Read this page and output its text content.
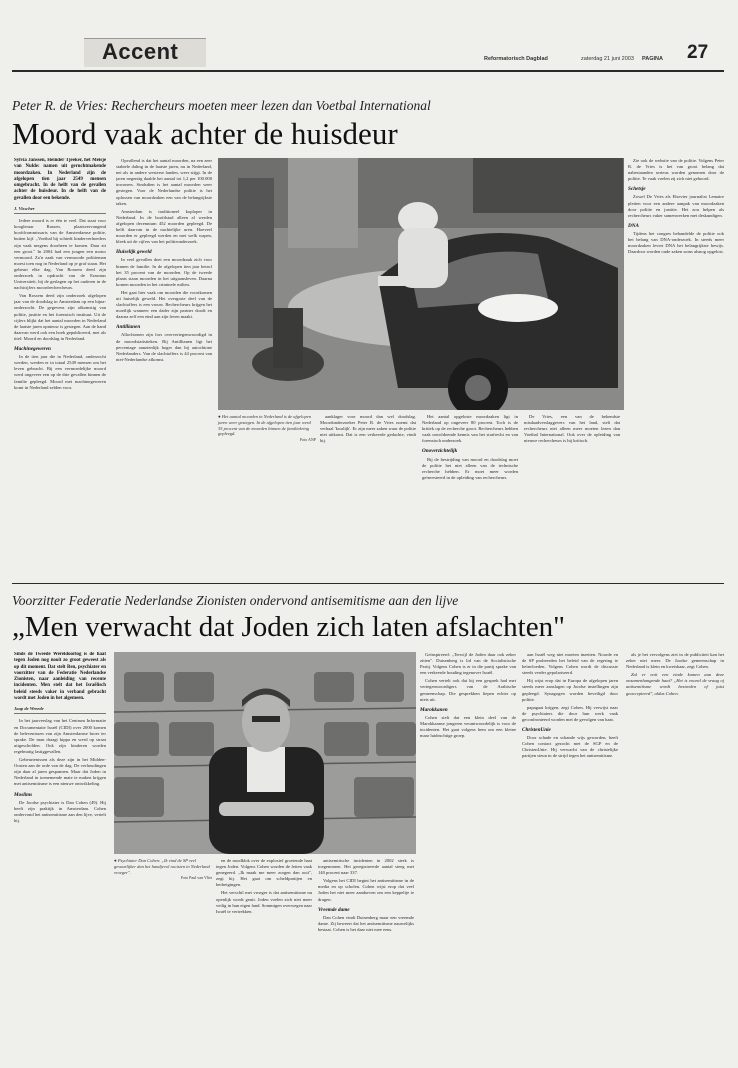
Accent	Reformatorisch Dagblad	zaterdag 21 juni 2003 PAGINA 27
Peter R. de Vries: Rechercheurs moeten meer lezen dan Voetbal International
Moord vaak achter de huisdeur

Sylvia Janssen, Heinder Tjeeker, het Meisje van Nulde: namen uit geruchtmakende moordzaken. In Nederland zijn de afgelopen tien jaar 2549 mensen omgebracht. In de helft van de gevallen achter de huisdeur. In de helft van de gevallen door een bekende.

J. Visscher

Iedere moord is er één te veel. Dat staat voor hoogleraar Rassen, plaatsvervangend hoofdcommissaris van de Amsterdamse politie, buiten kijf. „Voetbal bij schiedt kinderverhoeders zijn vaak nergens doorheen te komen. Daar zit een groot." In 2004 had een jongen een motor vermoord. Zo'n zaak van vermoorde politieman moest toen nog in Nederland op je graf staan. Het gebeurt elke dag. Van Rossem deed zijn onderzoek in opdracht van de Erasmus Universiteit, bij de geslagen op het ouderen in de nachtcijfers moordrechercheurs.

Van Rossem deed zijn onderzoek afgelopen jaar van de doodslag in Amsterdam op een bijna-onderzocht. De gegevens zijn afkomstig van politie, justitie en het forensisch instituut. Uit de cijfers blijkt dat het aantal moorden in Nederland de laatste jaren opnieuw is gestegen. Aan de hand daarvan werd ook een boek gepubliceerd, met als titel: Moord en doodslag in Nederland.

Machinegeweren

In de tien jaar die in Nederland, onderzocht werden, werden er in totaal 2549 mensen om het leven gebracht. Bij een vermoedelijke moord werd ongeveer een op de drie gevallen binnen de familie gepleegd. Moord met machinegeweren komt in Nederland zelden voor.

Opvallend is dat het aantal moorden, na een zeer stabiele daling in de laatste jaren, nu in Nederland, net als in andere westerse landen, weer stijgt. In de jaren negentig daalde het aantal tot 1,2 per 100.000 inwoners. Sindsdien is het aantal moorden weer gestegen. Voor de Nederlandse politie is het oplossen van moordzaken een van de belangrijkste taken.

Amsterdam is traditioneel koploper in Nederland. In de hoofdstad alleen al werden afgelopen decennium 452 moorden gepleegd. De helft daarvan in de nachtelijke uren. Hoeveel moorden er gepleegd werden en met welk wapen, bleek uit de cijfers van het politieonderzoek.

Huiselijk geweld

In veel gevallen doet een moordzaak zich voor binnen de familie. In de afgelopen tien jaar betrof het 35 procent van de moorden. Op de tweede plaats staan moorden in het uitgaansleven. Daarna komen moorden in het criminele milieu.

Het gaat hier vaak om moorden die voortkomen uit huiselijk geweld. Het overgrote deel van de slachtoffers is een vrouw. Rechercheurs krijgen het moeilijk wanneer een dader zijn partner doodt en daarna zelf een eind aan zijn leven maakt.

Antillianen

Allochtonen zijn fors oververtegenwoordigd in de moordstatistieken. Bij Antillianen ligt het percentage aanzienlijk hoger dan bij autochtone Nederlanders. Van de slachtoffers is 44 procent van niet-Nederlandse afkomst.

● Het aantal moorden in Nederland is de afgelopen jaren weer gestegen. In de afgelopen tien jaar werd 35 procent van de moorden binnen de familiekring gepleegd.
Foto ANP

aanklager voor moord dan wel doodslag. Moordonderzoeker Peter R. de Vries noemt dat verhaal 'kwalijk'. Er zijn meer zaken waar de politie niet uitkomt. Dat is een verkeerde gedachte, vindt hij.

Het aantal opgeloste moordzaken ligt in Nederland op ongeveer 80 procent. Toch is de kritiek op de recherche groot. Rechercheurs hebben vaak onvoldoende kennis van het strafrecht en van forensisch onderzoek.

Onoverzichtelijk

Bij de bestrijding van moord en doodslag moet de politie het niet alleen van de technische recherche hebben. Er moet meer worden geïnvesteerd in de opleiding van rechercheurs.

De Vries, een van de bekendste misdaadverslaggevers van het land, stelt dat rechercheurs niet alleen meer moeten lezen dan Voetbal International. Ook over de opleiding van nieuwe rechercheurs is hij kritisch.

Zie ook de website van de politie. Volgens Peter R. de Vries is het van groot belang dat nabestaanden serieus worden genomen door de politie. Te vaak voelen zij zich niet gehoord.

Schetsje

Zowel De Vries als Elsevier journalist Lemaire pleiten voor een andere aanpak van moordzaken door politie en justitie. Het zou helpen als rechercheurs vaker samenwerken met deskundigen.

DNA

Tijdens het congres behandelde de politie ook het belang van DNA-onderzoek. In steeds meer moordzaken levert DNA het belangrijkste bewijs. Daardoor worden oude zaken soms alsnog opgelost.

Voorzitter Federatie Nederlandse Zionisten ondervond antisemitisme aan den lijve
„Men verwacht dat Joden zich laten afslachten"

Sinds de Tweede Wereldoorlog is de haat tegen Joden nog nooit zo groot geweest als op dit moment. Dat stelt Ben, psychiater en voorzitter van de Federatie Nederlandse Zionisten, naar aanleiding van recente incidenten. Men stelt dat het Israëlisch beleid steeds vaker in verband gebracht wordt met Joden in het algemeen.

Jaap de Wreede

In het jaarverslag van het Centrum Informatie en Documentatie Israël (CIDI) over 2000 komen de belevenissen van zijn Amsterdamse broer ter sprake. De man draagt kippa en werd op straat uitgescholden. Ook zijn kinderen worden regelmatig lastiggevallen.

Gebeurtenissen als deze zijn in het Midden-Oosten aan de orde van de dag. De verhoudingen zijn daar al jaren gespannen. Maar dat Joden in Nederland in toenemende mate te maken krijgen met antisemitisme is een nieuwe ontwikkeling.

Moslims

De Joodse psychiater is Dan Cohen (49). Hij heeft zijn praktijk in Amsterdam. Cohen ondervond het antisemitisme aan den lijve, vertelt hij.

● Psychiater Dan Cohen: „Ik vind de SP veel gevaarlijker dan het handjevol racisten in Nederland vroeger".
Foto Paul van Vliet

en de noodklok over de explosief groeiende haat tegen Joden. Volgens Cohen worden de feiten vaak genegeerd. „Ik maak me meer zorgen dan ooit", zegt hij. Het gaat om scheldpartijen en bedreigingen.

Het verschil met vroeger is dat antisemitisme nu openlijk wordt geuit. Joden voelen zich niet meer veilig in hun eigen land. Sommigen overwegen naar Israël te vertrekken.

antisemitische incidenten in 2002 sterk is toegenomen. Het geregistreerde aantal steeg met 140 procent naar 337.

Volgens het CIDI begint het antisemitisme in de media en op scholen. Cohen wijst erop dat veel Joden het niet meer aandurven om een keppeltje te dragen.

Vreemde dame

Dan Cohen vindt Duisenberg maar een vreemde dame. Zij beweert dat het antisemitisme nauwelijks bestaat. Cohen is het daar niet mee eens.

Geïnspireerd: „Terwijl de Joden daar ook zeker zitten". Duisenberg is lid van de Socialistische Partij. Volgens Cohen is er in die partij sprake van een verkeerde houding tegenover Israël.

Cohen vertelt ook dat hij een gesprek had met vertegenwoordigers van de Arabische gemeenschap. Die gesprekken liepen echter op niets uit.

Marokkanen

Cohen stelt dat een klein deel van de Marokkaanse jongeren verantwoordelijk is voor de incidenten. Het gaat volgens hem om een kleine maar luidruchtige groep.

aan Israël weg niet moeten inzetten. Noorde en de SP probeerden het beleid van de regering te beïnvloeden. Volgens Cohen wordt de discussie steeds verder gepolariseerd.

Hij wijst erop dat in Europa de afgelopen jaren steeds meer aanslagen op Joodse instellingen zijn gepleegd. Synagogen worden beveiligd door politie.

papagaai krijgen, zegt Cohen. Hij verwijst naar de psychiaters die door hun werk vaak geconfronteerd worden met de gevolgen van haat.

ChristenUnie

Door schade en schande wijs geworden, heeft Cohen contact gezocht met de SGP en de ChristenUnie. Hij verwacht van de christelijke partijen steun in de strijd tegen het antisemitisme.

als je het vervolgens ziet in de publiciteit kan het zeker niet meer. De Joodse gemeenschap in Nederland is klein en kwetsbaar, zegt Cohen.

Zal er ooit een einde komen aan deze onsamenhangende haat? „Het is vooral de vraag of antisemitisme wordt bestreden of juist geaccepteerd", aldus Cohen.
